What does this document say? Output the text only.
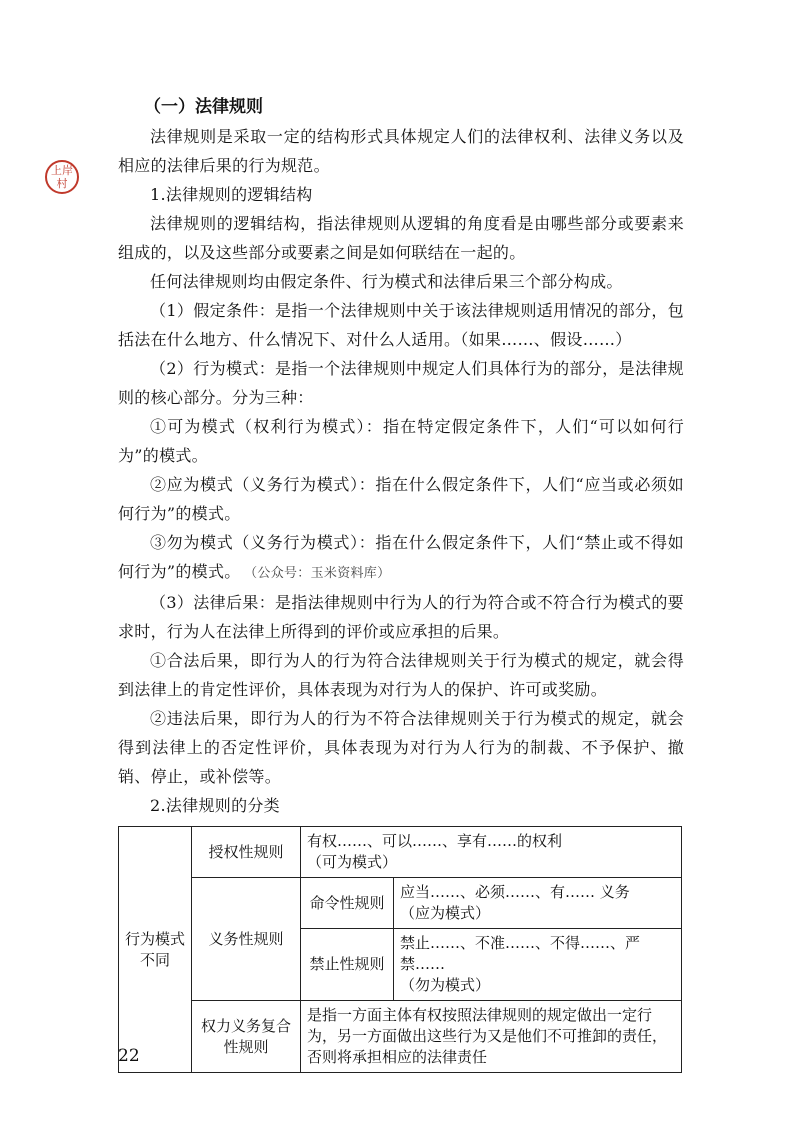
上岸村
（一）法律规则

法律规则是采取一定的结构形式具体规定人们的法律权利、法律义务以及相应的法律后果的行为规范。

1.法律规则的逻辑结构

法律规则的逻辑结构，指法律规则从逻辑的角度看是由哪些部分或要素来组成的，以及这些部分或要素之间是如何联结在一起的。

任何法律规则均由假定条件、行为模式和法律后果三个部分构成。

（1）假定条件：是指一个法律规则中关于该法律规则适用情况的部分，包括法在什么地方、什么情况下、对什么人适用。（如果……、假设……）

（2）行为模式：是指一个法律规则中规定人们具体行为的部分，是法律规则的核心部分。分为三种：

①可为模式（权利行为模式）：指在特定假定条件下，人们“可以如何行为”的模式。

②应为模式（义务行为模式）：指在什么假定条件下，人们“应当或必须如何行为”的模式。

③勿为模式（义务行为模式）：指在什么假定条件下，人们“禁止或不得如何行为”的模式。 （公众号：玉米资料库）

（3）法律后果：是指法律规则中行为人的行为符合或不符合行为模式的要求时，行为人在法律上所得到的评价或应承担的后果。

①合法后果，即行为人的行为符合法律规则关于行为模式的规定，就会得到法律上的肯定性评价，具体表现为对行为人的保护、许可或奖励。

②违法后果，即行为人的行为不符合法律规则关于行为模式的规定，就会得到法律上的否定性评价，具体表现为对行为人行为的制裁、不予保护、撤销、停止，或补偿等。

2.法律规则的分类

行为模式不同	授权性规则	有权……、可以……、享有……的权利
（可为模式）	

	义务性规则	命令性规则	应当……、必须……、有…… 义务
（应为模式）

		禁止性规则	禁止……、不准……、不得……、严禁……
（勿为模式）

	权力义务复合性规则	是指一方面主体有权按照法律规则的规定做出一定行为，另一方面做出这些行为又是他们不可推卸的责任，否则将承担相应的法律责任	
22
